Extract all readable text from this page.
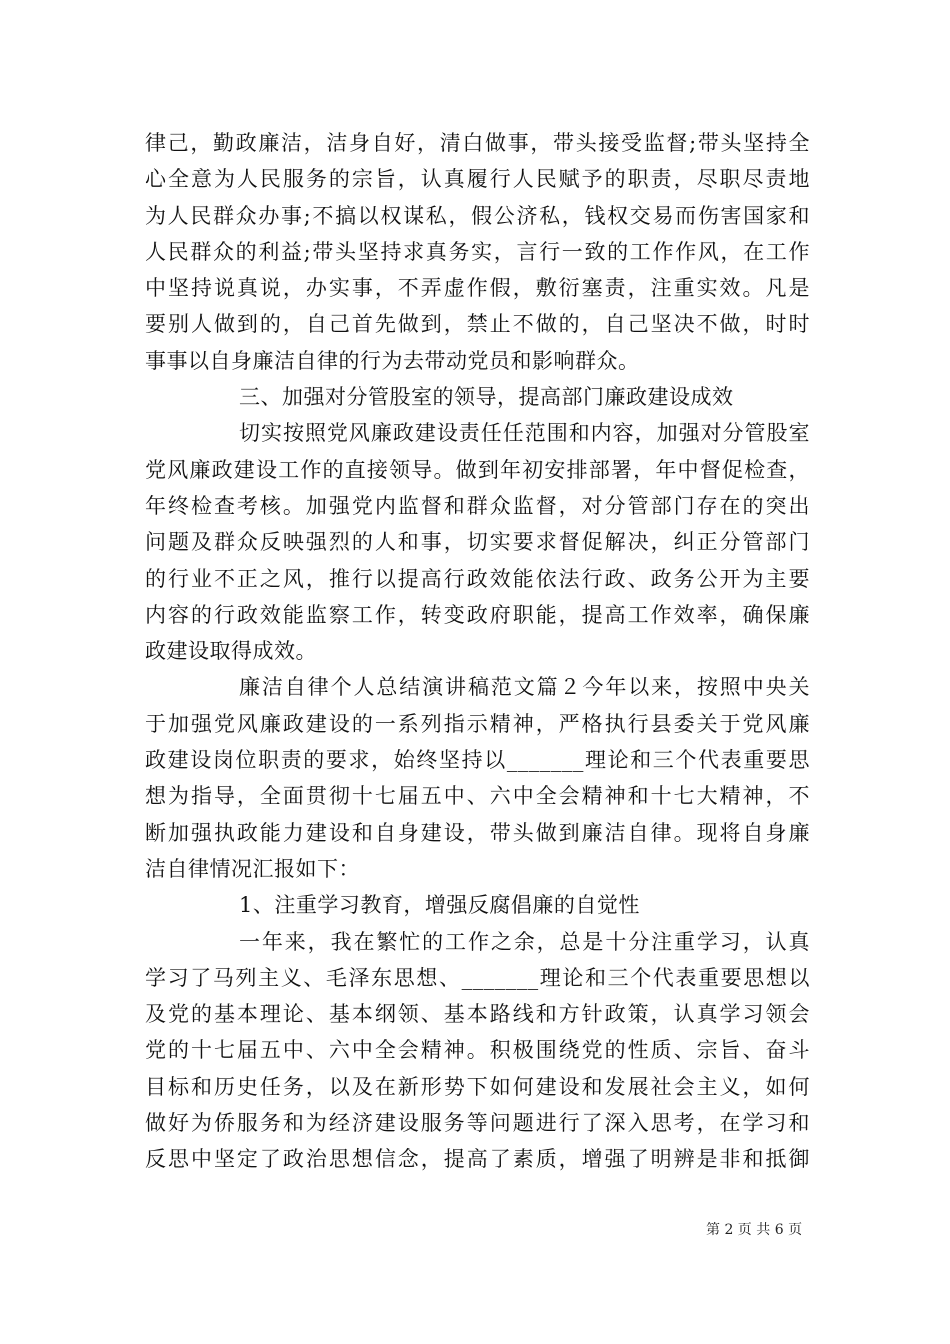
律己，勤政廉洁，洁身自好，清白做事，带头接受监督;带头坚持全
心全意为人民服务的宗旨，认真履行人民赋予的职责，尽职尽责地
为人民群众办事;不搞以权谋私，假公济私，钱权交易而伤害国家和
人民群众的利益;带头坚持求真务实，言行一致的工作作风，在工作
中坚持说真说，办实事，不弄虚作假，敷衍塞责，注重实效。凡是
要别人做到的，自己首先做到，禁止不做的，自己坚决不做，时时
事事以自身廉洁自律的行为去带动党员和影响群众。
三、加强对分管股室的领导，提高部门廉政建设成效
切实按照党风廉政建设责任任范围和内容，加强对分管股室
党风廉政建设工作的直接领导。做到年初安排部署，年中督促检查，
年终检查考核。加强党内监督和群众监督，对分管部门存在的突出
问题及群众反映强烈的人和事，切实要求督促解决，纠正分管部门
的行业不正之风，推行以提高行政效能依法行政、政务公开为主要
内容的行政效能监察工作，转变政府职能，提高工作效率，确保廉
政建设取得成效。
廉洁自律个人总结演讲稿范文篇２今年以来，按照中央关
于加强党风廉政建设的一系列指示精神，严格执行县委关于党风廉
政建设岗位职责的要求，始终坚持以_______理论和三个代表重要思
想为指导，全面贯彻十七届五中、六中全会精神和十七大精神，不
断加强执政能力建设和自身建设，带头做到廉洁自律。现将自身廉
洁自律情况汇报如下：
1、注重学习教育，增强反腐倡廉的自觉性
一年来，我在繁忙的工作之余，总是十分注重学习，认真
学习了马列主义、毛泽东思想、_______理论和三个代表重要思想以
及党的基本理论、基本纲领、基本路线和方针政策，认真学习领会
党的十七届五中、六中全会精神。积极围绕党的性质、宗旨、奋斗
目标和历史任务，以及在新形势下如何建设和发展社会主义，如何
做好为侨服务和为经济建设服务等问题进行了深入思考，在学习和
反思中坚定了政治思想信念，提高了素质，增强了明辨是非和抵御
第 2 页 共 6 页
